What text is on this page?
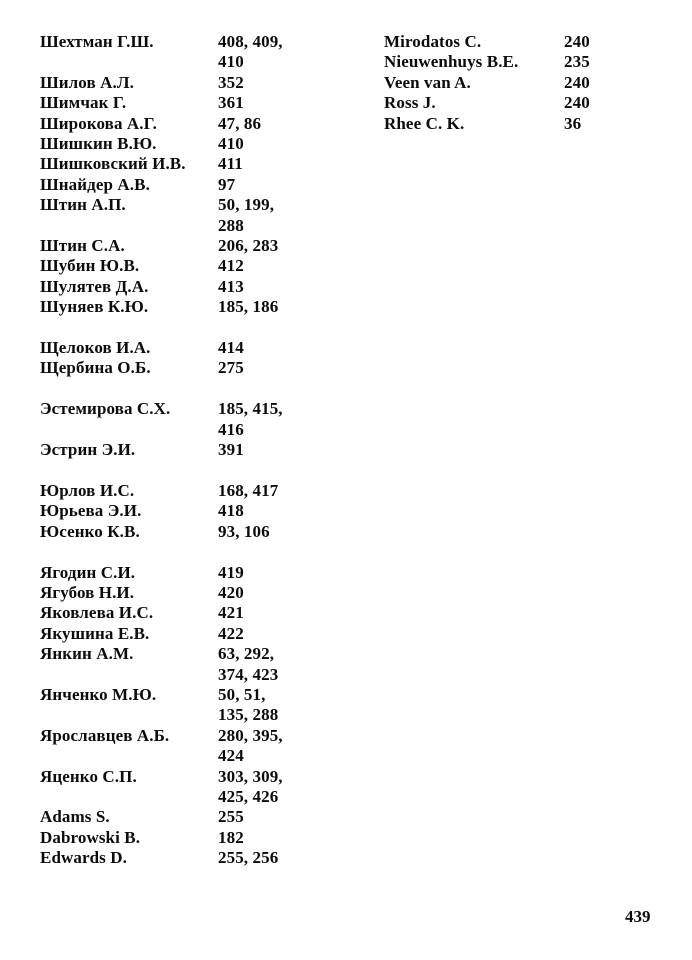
Шехтман Г.Ш.	408, 409,
410
Шилов А.Л.	352
Шимчак Г.	361
Широкова А.Г.	47, 86
Шишкин В.Ю.	410
Шишковский И.В.	411
Шнайдер А.В.	97
Штин А.П.	50, 199,
288
Штин С.А.	206, 283
Шубин Ю.В.	412
Шулятев Д.А.	413
Шуняев К.Ю.	185, 186
Щелоков И.А.	414
Щербина О.Б.	275
Эстемирова С.Х.	185, 415,
416
Эстрин Э.И.	391
Юрлов И.С.	168, 417
Юрьева Э.И.	418
Юсенко К.В.	93, 106
Ягодин С.И.	419
Ягубов Н.И.	420
Яковлева И.С.	421
Якушина Е.В.	422
Янкин А.М.	63, 292,
374, 423
Янченко М.Ю.	50, 51,
135, 288
Ярославцев А.Б.	280, 395,
424
Яценко С.П.	303, 309,
425, 426
Adams S.	255
Dabrowski B.	182
Edwards D.	255, 256
Mirodatos C.	240
Nieuwenhuys B.E.	235
Veen van A.	240
Ross J.	240
Rhee C. K.	36
439
